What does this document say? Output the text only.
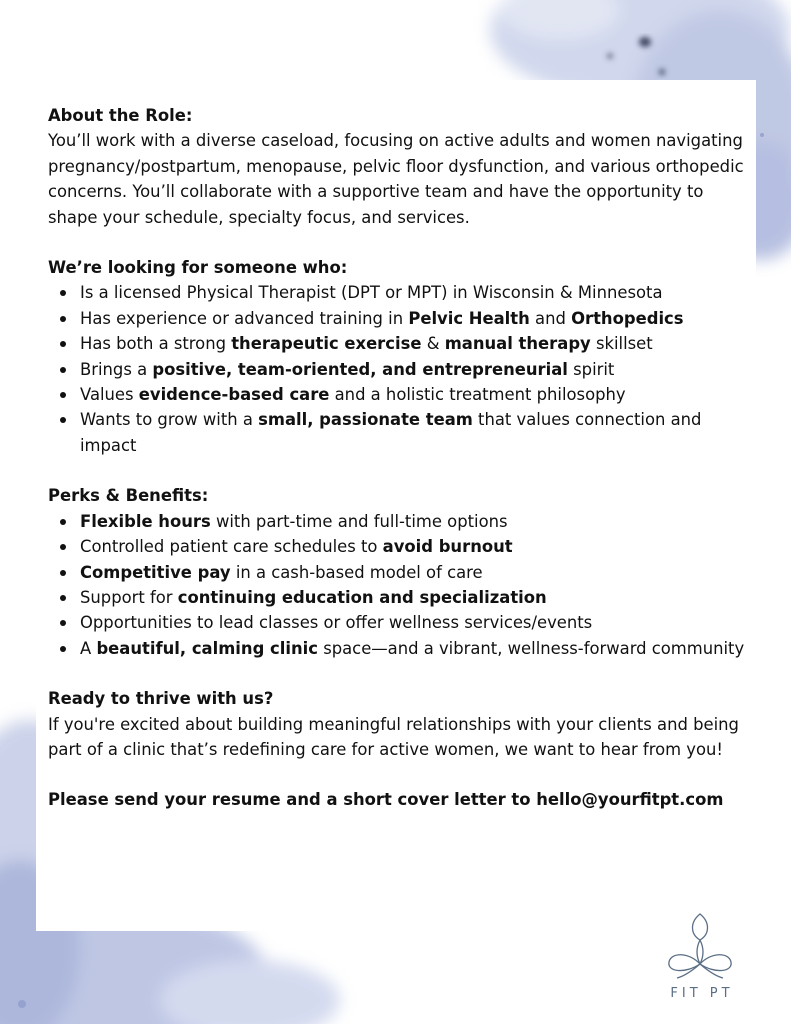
About the Role:

You’ll work with a diverse caseload, focusing on active adults and women navigating pregnancy/postpartum, menopause, pelvic floor dysfunction, and various orthopedic concerns. You’ll collaborate with a supportive team and have the opportunity to shape your schedule, specialty focus, and services.

We’re looking for someone who:

Is a licensed Physical Therapist (DPT or MPT) in Wisconsin & Minnesota
Has experience or advanced training in Pelvic Health and Orthopedics
Has both a strong therapeutic exercise & manual therapy skillset
Brings a positive, team-oriented, and entrepreneurial spirit
Values evidence-based care and a holistic treatment philosophy
Wants to grow with a small, passionate team that values connection and impact

Perks & Benefits:

Flexible hours with part-time and full-time options
Controlled patient care schedules to avoid burnout
Competitive pay in a cash-based model of care
Support for continuing education and specialization
Opportunities to lead classes or offer wellness services/events
A beautiful, calming clinic space—and a vibrant, wellness-forward community

Ready to thrive with us?

If you're excited about building meaningful relationships with your clients and being part of a clinic that’s redefining care for active women, we want to hear from you!

Please send your resume and a short cover letter to hello@yourfitpt.com

FIT PT
